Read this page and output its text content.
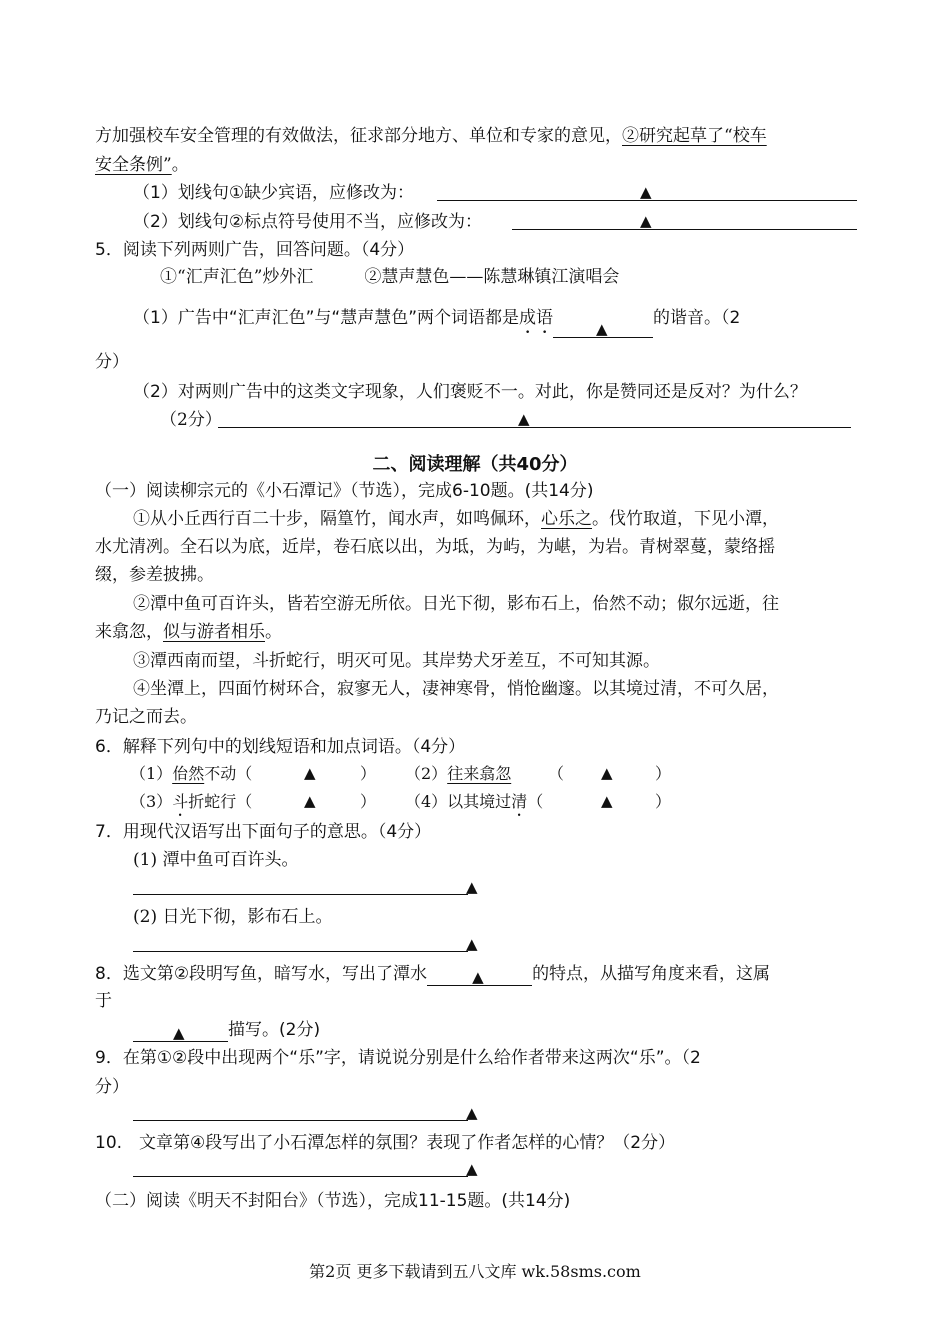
方加强校车安全管理的有效做法，征求部分地方、单位和专家的意见，②研究起草了“校车
安全条例”。
（1）划线句①缺少宾语，应修改为：	▲
（2）划线句②标点符号使用不当，应修改为：	▲
5．阅读下列两则广告，回答问题。（4分）
①“汇声汇色”炒外汇　　　②慧声慧色——陈慧琳镇江演唱会
（1）广告中“汇声汇色”与“慧声慧色”两个词语都是成语
▲
的谐音。（2
分）
（2）对两则广告中的这类文字现象，人们褒贬不一。对此，你是赞同还是反对？为什么？
（2分）	▲
二、阅读理解（共40分）
（一）阅读柳宗元的《小石潭记》（节选），完成6-10题。(共14分)
①从小丘西行百二十步，隔篁竹，闻水声，如鸣佩环，心乐之。伐竹取道，下见小潭，
水尤清冽。全石以为底，近岸，卷石底以出，为坻，为屿，为嵁，为岩。青树翠蔓，蒙络摇
缀，参差披拂。
②潭中鱼可百许头，皆若空游无所依。日光下彻，影布石上，佁然不动；俶尔远逝，往
来翕忽，似与游者相乐。
③潭西南而望，斗折蛇行，明灭可见。其岸势犬牙差互，不可知其源。
④坐潭上，四面竹树环合，寂寥无人，凄神寒骨，悄怆幽邃。以其境过清，不可久居，
乃记之而去。
6．解释下列句中的划线短语和加点词语。（4分）
（1）佁然不动（	▲	） （2）往来翕忽 ） ▲	）
（3）斗折蛇行（	▲	） （4）以其境过清（	▲	）
7．用现代汉语写出下面句子的意思。（4分）
(1) 潭中鱼可百许头。
▲
(2) 日光下彻，影布石上。
▲
8．选文第②段明写鱼，暗写水，写出了潭水	▲	的特点，从描写角度来看，这属
于
▲	描写。(2分)
9．在第①②段中出现两个“乐”字，请说说分别是什么给作者带来这两次“乐”。（2
分）
▲
10.　文章第④段写出了小石潭怎样的氛围？表现了作者怎样的心情？（2分）
▲
（二）阅读《明天不封阳台》（节选），完成11-15题。(共14分)
第2页 更多下载请到五八文库 wk.58sms.com
